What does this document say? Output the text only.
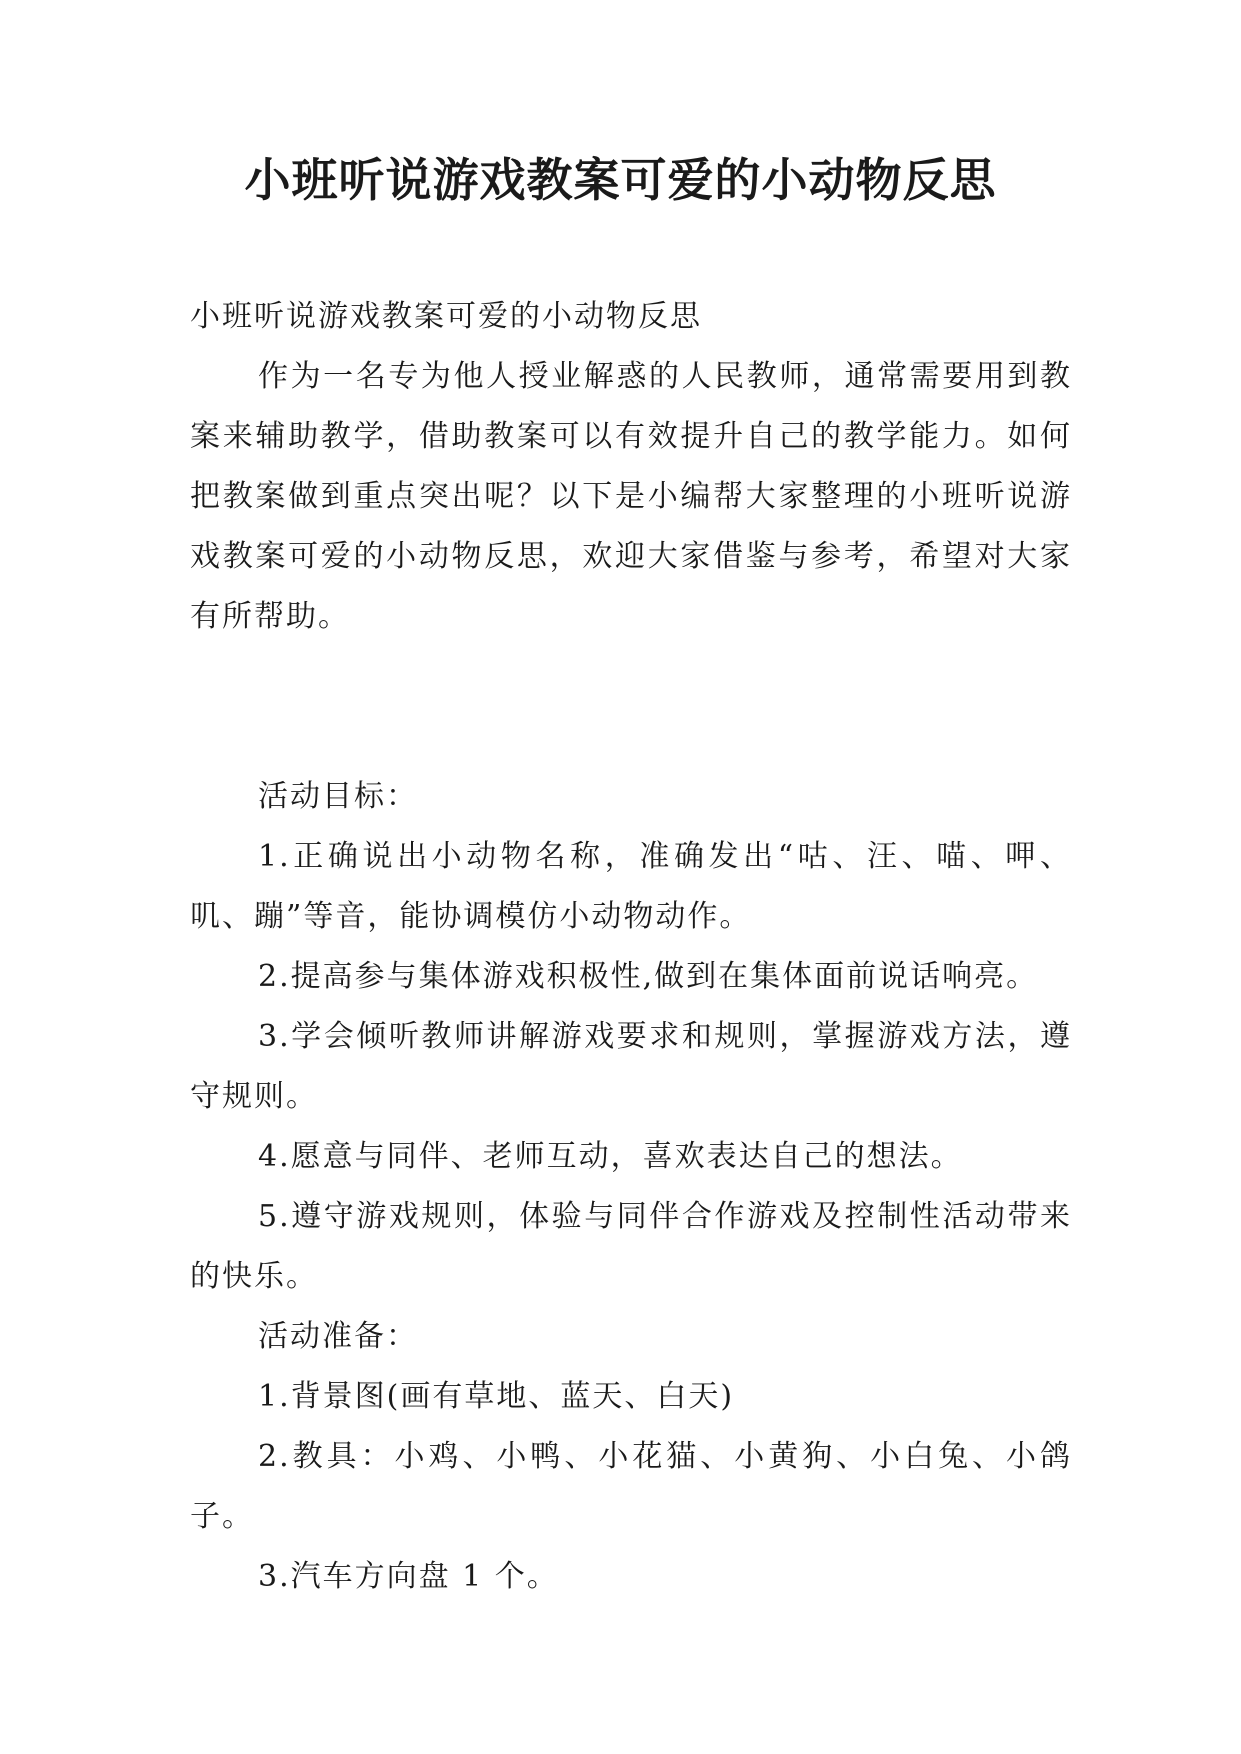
小班听说游戏教案可爱的小动物反思

小班听说游戏教案可爱的小动物反思

作为一名专为他人授业解惑的人民教师，通常需要用到教案来辅助教学，借助教案可以有效提升自己的教学能力。如何把教案做到重点突出呢？以下是小编帮大家整理的小班听说游戏教案可爱的小动物反思，欢迎大家借鉴与参考，希望对大家有所帮助。

活动目标：

1.正确说出小动物名称，准确发出“咕、汪、喵、呷、叽、蹦”等音，能协调模仿小动物动作。

2.提高参与集体游戏积极性,做到在集体面前说话响亮。

3.学会倾听教师讲解游戏要求和规则，掌握游戏方法，遵守规则。

4.愿意与同伴、老师互动，喜欢表达自己的想法。

5.遵守游戏规则，体验与同伴合作游戏及控制性活动带来的快乐。

活动准备：

1.背景图(画有草地、蓝天、白天)

2.教具：小鸡、小鸭、小花猫、小黄狗、小白兔、小鸽子。

3.汽车方向盘 1 个。
